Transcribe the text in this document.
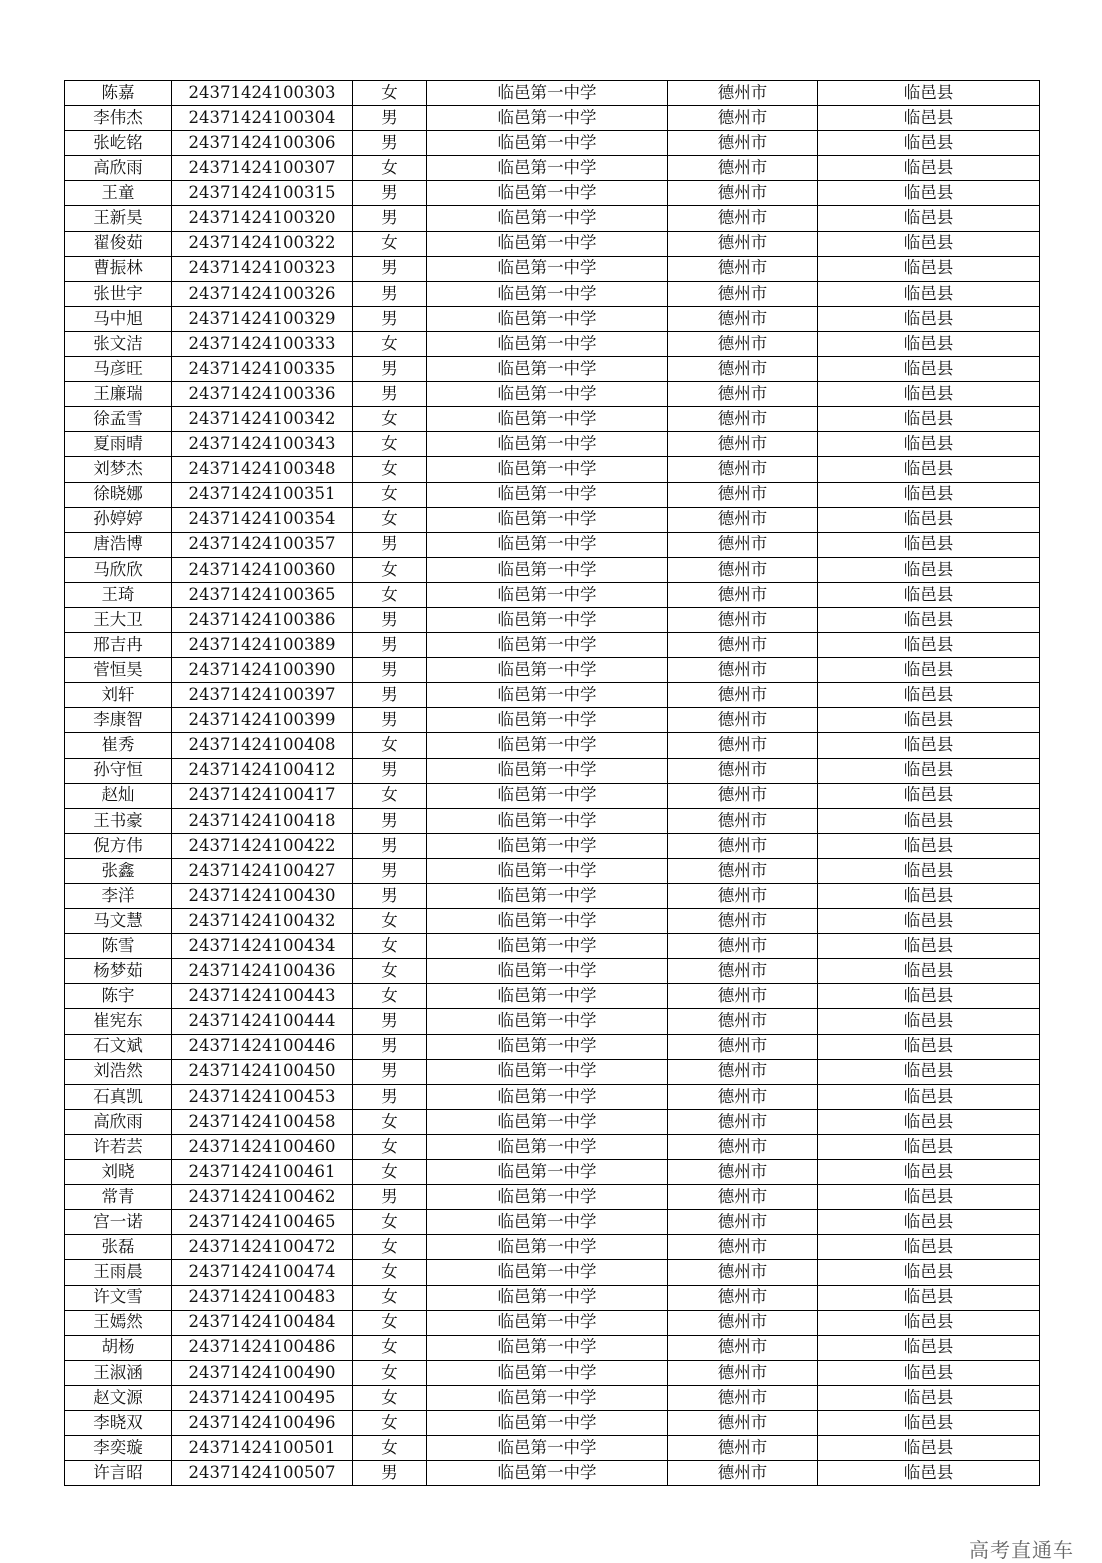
陈嘉	24371424100303	女	临邑第一中学	德州市	临邑县
李伟杰	24371424100304	男	临邑第一中学	德州市	临邑县
张屹铭	24371424100306	男	临邑第一中学	德州市	临邑县
高欣雨	24371424100307	女	临邑第一中学	德州市	临邑县
王童	24371424100315	男	临邑第一中学	德州市	临邑县
王新昊	24371424100320	男	临邑第一中学	德州市	临邑县
翟俊茹	24371424100322	女	临邑第一中学	德州市	临邑县
曹振林	24371424100323	男	临邑第一中学	德州市	临邑县
张世宇	24371424100326	男	临邑第一中学	德州市	临邑县
马中旭	24371424100329	男	临邑第一中学	德州市	临邑县
张文洁	24371424100333	女	临邑第一中学	德州市	临邑县
马彦旺	24371424100335	男	临邑第一中学	德州市	临邑县
王廉瑞	24371424100336	男	临邑第一中学	德州市	临邑县
徐孟雪	24371424100342	女	临邑第一中学	德州市	临邑县
夏雨晴	24371424100343	女	临邑第一中学	德州市	临邑县
刘梦杰	24371424100348	女	临邑第一中学	德州市	临邑县
徐晓娜	24371424100351	女	临邑第一中学	德州市	临邑县
孙婷婷	24371424100354	女	临邑第一中学	德州市	临邑县
唐浩博	24371424100357	男	临邑第一中学	德州市	临邑县
马欣欣	24371424100360	女	临邑第一中学	德州市	临邑县
王琦	24371424100365	女	临邑第一中学	德州市	临邑县
王大卫	24371424100386	男	临邑第一中学	德州市	临邑县
邢吉冉	24371424100389	男	临邑第一中学	德州市	临邑县
菅恒昊	24371424100390	男	临邑第一中学	德州市	临邑县
刘轩	24371424100397	男	临邑第一中学	德州市	临邑县
李康智	24371424100399	男	临邑第一中学	德州市	临邑县
崔秀	24371424100408	女	临邑第一中学	德州市	临邑县
孙守恒	24371424100412	男	临邑第一中学	德州市	临邑县
赵灿	24371424100417	女	临邑第一中学	德州市	临邑县
王书豪	24371424100418	男	临邑第一中学	德州市	临邑县
倪方伟	24371424100422	男	临邑第一中学	德州市	临邑县
张鑫	24371424100427	男	临邑第一中学	德州市	临邑县
李洋	24371424100430	男	临邑第一中学	德州市	临邑县
马文慧	24371424100432	女	临邑第一中学	德州市	临邑县
陈雪	24371424100434	女	临邑第一中学	德州市	临邑县
杨梦茹	24371424100436	女	临邑第一中学	德州市	临邑县
陈宇	24371424100443	女	临邑第一中学	德州市	临邑县
崔宪东	24371424100444	男	临邑第一中学	德州市	临邑县
石文斌	24371424100446	男	临邑第一中学	德州市	临邑县
刘浩然	24371424100450	男	临邑第一中学	德州市	临邑县
石真凯	24371424100453	男	临邑第一中学	德州市	临邑县
高欣雨	24371424100458	女	临邑第一中学	德州市	临邑县
许若芸	24371424100460	女	临邑第一中学	德州市	临邑县
刘晓	24371424100461	女	临邑第一中学	德州市	临邑县
常青	24371424100462	男	临邑第一中学	德州市	临邑县
宫一诺	24371424100465	女	临邑第一中学	德州市	临邑县
张磊	24371424100472	女	临邑第一中学	德州市	临邑县
王雨晨	24371424100474	女	临邑第一中学	德州市	临邑县
许文雪	24371424100483	女	临邑第一中学	德州市	临邑县
王嫣然	24371424100484	女	临邑第一中学	德州市	临邑县
胡杨	24371424100486	女	临邑第一中学	德州市	临邑县
王淑涵	24371424100490	女	临邑第一中学	德州市	临邑县
赵文源	24371424100495	女	临邑第一中学	德州市	临邑县
李晓双	24371424100496	女	临邑第一中学	德州市	临邑县
李奕璇	24371424100501	女	临邑第一中学	德州市	临邑县
许言昭	24371424100507	男	临邑第一中学	德州市	临邑县
高考直通车
